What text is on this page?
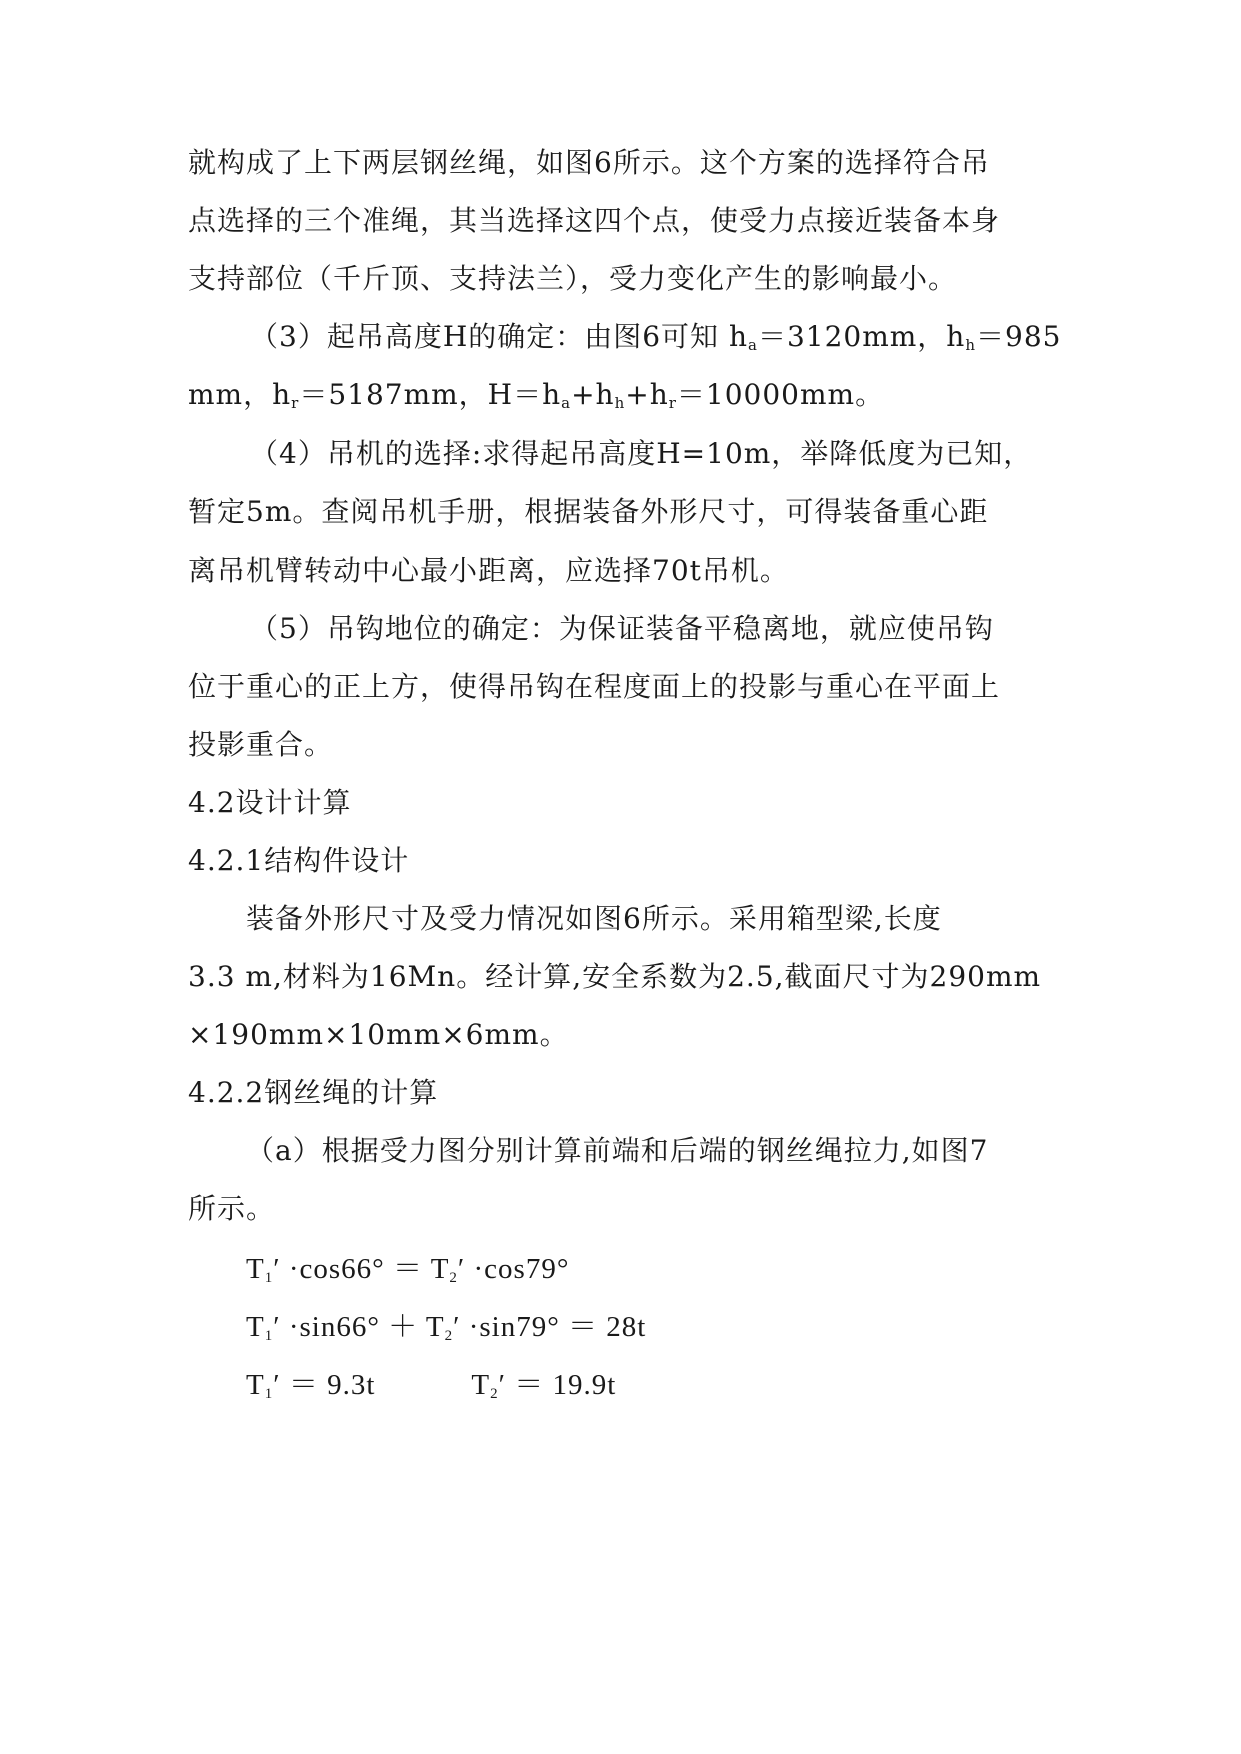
就构成了上下两层钢丝绳，如图6所示。这个方案的选择符合吊
点选择的三个准绳，其当选择这四个点，使受力点接近装备本身
支持部位（千斤顶、支持法兰），受力变化产生的影响最小。
（3）起吊高度H的确定：由图6可知 $h_a=3120mm$，$h_h=985$
mm，$h_r=5187mm$，$H=h_a+h_h+h_r=10000mm$。
（4）吊机的选择:求得起吊高度H=10m，举降低度为已知，
暂定5m。查阅吊机手册，根据装备外形尺寸，可得装备重心距
离吊机臂转动中心最小距离，应选择70t吊机。
（5）吊钩地位的确定：为保证装备平稳离地，就应使吊钩
位于重心的正上方，使得吊钩在程度面上的投影与重心在平面上
投影重合。
4.2设计计算
4.2.1结构件设计
装备外形尺寸及受力情况如图6所示。采用箱型梁,长度
3.3 m,材料为16Mn。经计算,安全系数为2.5,截面尺寸为290mm
×190mm×10mm×6mm。
4.2.2钢丝绳的计算
（a）根据受力图分别计算前端和后端的钢丝绳拉力,如图7
所示。
$T_1' \cdot\cos 66^\circ = T_2' \cdot\cos 79^\circ$
$T_1' \cdot\sin 66^\circ + T_2' \cdot\sin 79^\circ = 28t$
$T_1' = 9.3t$	$T_2' = 19.9t$
